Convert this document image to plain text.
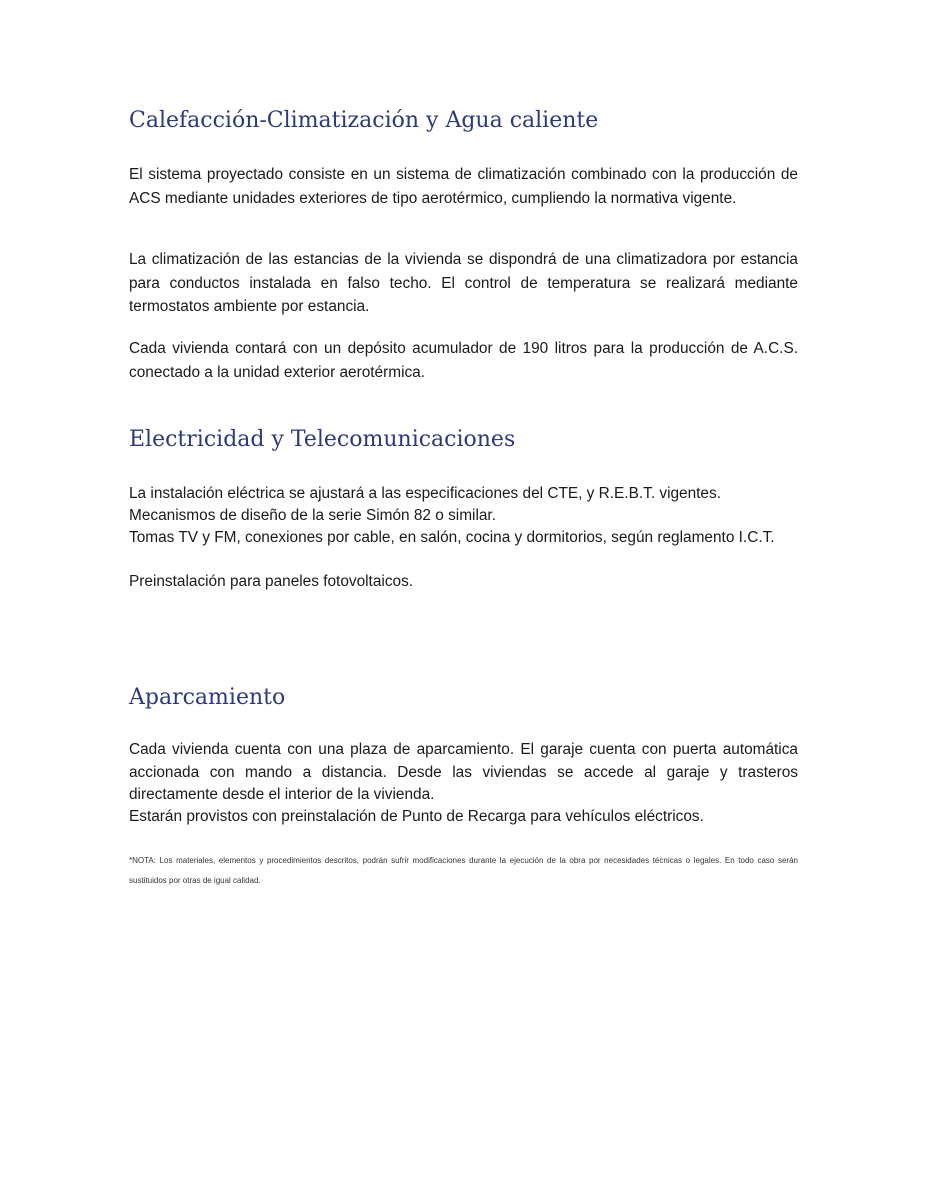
Calefacción-Climatización y Agua caliente

El sistema proyectado consiste en un sistema de climatización combinado con la producción de ACS mediante unidades exteriores de tipo aerotérmico, cumpliendo la normativa vigente.

La climatización de las estancias de la vivienda se dispondrá de una climatizadora por estancia para conductos instalada en falso techo. El control de temperatura se realizará mediante termostatos ambiente por estancia.

Cada vivienda contará con un depósito acumulador de 190 litros para la producción de A.C.S. conectado a la unidad exterior aerotérmica.

Electricidad y Telecomunicaciones

La instalación eléctrica se ajustará a las especificaciones del CTE, y R.E.B.T. vigentes.

Mecanismos de diseño de la serie Simón 82 o similar.

Tomas TV y FM, conexiones por cable, en salón, cocina y dormitorios, según reglamento I.C.T.

Preinstalación para paneles fotovoltaicos.

Aparcamiento

Cada vivienda cuenta con una plaza de aparcamiento. El garaje cuenta con puerta automática accionada con mando a distancia. Desde las viviendas se accede al garaje y trasteros directamente desde el interior de la vivienda.

Estarán provistos con preinstalación de Punto de Recarga para vehículos eléctricos.

*NOTA: Los materiales, elementos y procedimientos descritos, podrán sufrir modificaciones durante la ejecución de la obra por necesidades técnicas o legales. En todo caso serán sustituidos por otras de igual calidad.
